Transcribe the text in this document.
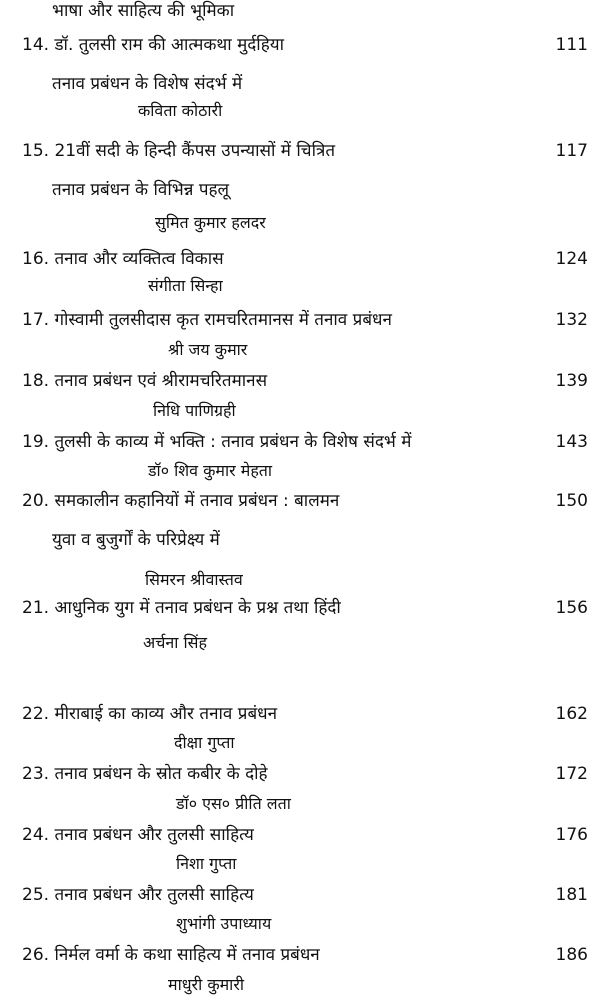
14. डॉ. तुलसी राम की आत्मकथा मुर्दहिया
तनाव प्रबंधन के विशेष संदर्भ में
कविता कोठारी
111
15. 21वीं सदी के हिन्दी कैंपस उपन्यासों में चित्रित
तनाव प्रबंधन के विभिन्न पहलू
सुमित कुमार हलदर
117
16. तनाव और व्यक्तित्व विकास
संगीता सिन्हा
124
17. गोस्वामी तुलसीदास कृत रामचरितमानस में तनाव प्रबंधन
श्री जय कुमार
132
18. तनाव प्रबंधन एवं श्रीरामचरितमानस
निधि पाणिग्रही
139
19. तुलसी के काव्य में भक्ति : तनाव प्रबंधन के विशेष संदर्भ में
डॉ० शिव कुमार मेहता
143
20. समकालीन कहानियों में तनाव प्रबंधन : बालमन
युवा व बुजुर्गों के परिप्रेक्ष्य में
सिमरन श्रीवास्तव
150
21. आधुनिक युग में तनाव प्रबंधन के प्रश्न तथा हिंदी
भाषा और साहित्य की भूमिका
अर्चना सिंह
156
22. मीराबाई का काव्य और तनाव प्रबंधन
दीक्षा गुप्ता
162
23. तनाव प्रबंधन के स्रोत कबीर के दोहे
डॉ० एस० प्रीति लता
172
24. तनाव प्रबंधन और तुलसी साहित्य
निशा गुप्ता
176
25. तनाव प्रबंधन और तुलसी साहित्य
शुभांगी उपाध्याय
181
26. निर्मल वर्मा के कथा साहित्य में तनाव प्रबंधन
माधुरी कुमारी
186
